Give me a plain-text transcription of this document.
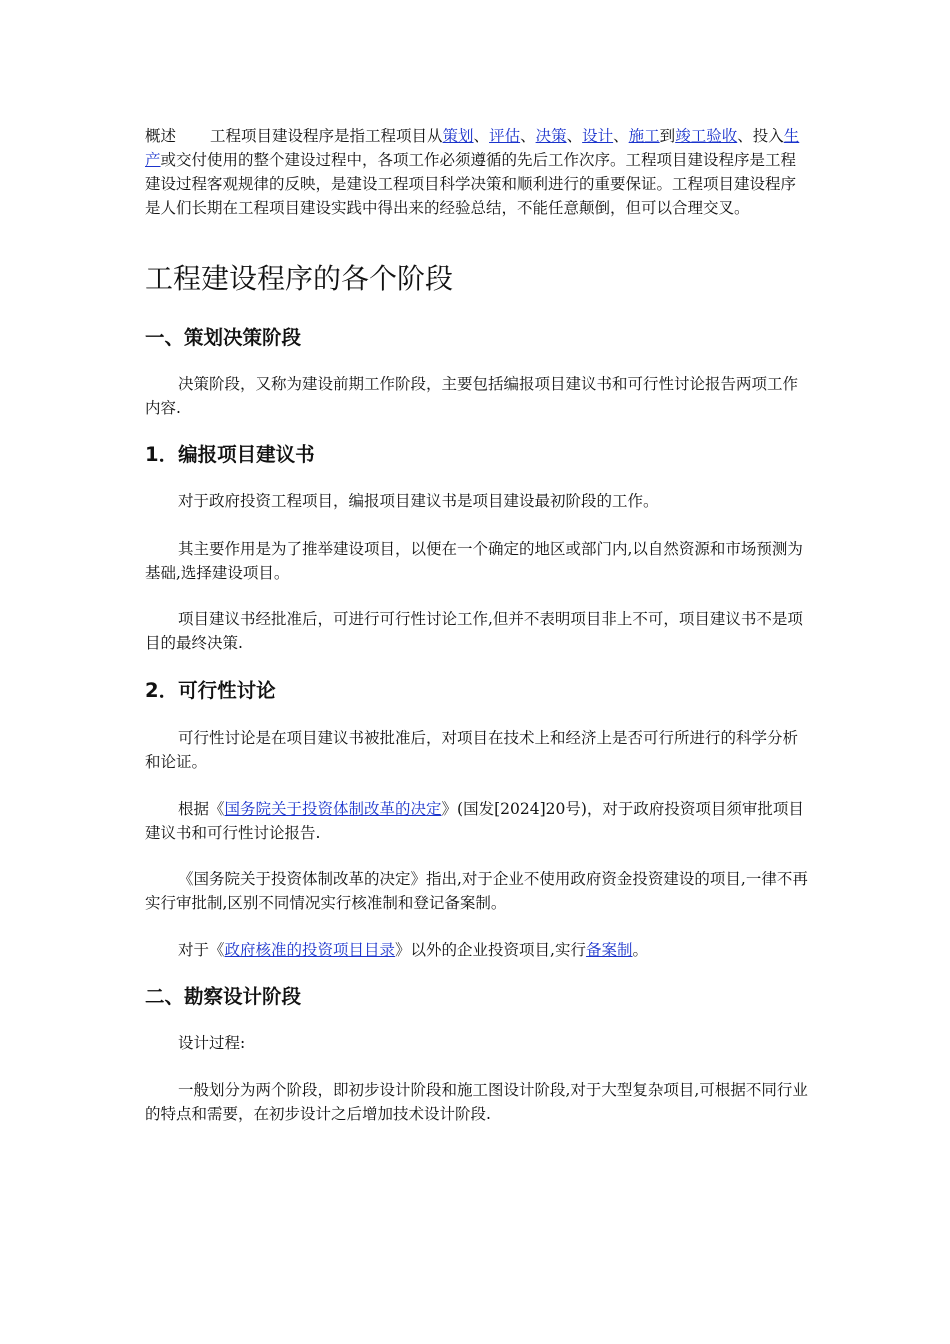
概述 工程项目建设程序是指工程项目从策划、评估、决策、设计、施工到竣工验收、投入生产或交付使用的整个建设过程中，各项工作必须遵循的先后工作次序。工程项目建设程序是工程建设过程客观规律的反映，是建设工程项目科学决策和顺利进行的重要保证。工程项目建设程序是人们长期在工程项目建设实践中得出来的经验总结，不能任意颠倒，但可以合理交叉。

工程建设程序的各个阶段
一、策划决策阶段

决策阶段，又称为建设前期工作阶段，主要包括编报项目建议书和可行性讨论报告两项工作内容.

1．编报项目建议书

对于政府投资工程项目，编报项目建议书是项目建设最初阶段的工作。

其主要作用是为了推举建设项目，以便在一个确定的地区或部门内,以自然资源和市场预测为基础,选择建设项目。

项目建议书经批准后，可进行可行性讨论工作,但并不表明项目非上不可，项目建议书不是项目的最终决策.

2．可行性讨论

可行性讨论是在项目建议书被批准后，对项目在技术上和经济上是否可行所进行的科学分析和论证。

根据《国务院关于投资体制改革的决定》(国发[2024]20号)，对于政府投资项目须审批项目建议书和可行性讨论报告.

《国务院关于投资体制改革的决定》指出,对于企业不使用政府资金投资建设的项目,一律不再实行审批制,区别不同情况实行核准制和登记备案制。

对于《政府核准的投资项目目录》以外的企业投资项目,实行备案制。

二、勘察设计阶段

设计过程:

一般划分为两个阶段，即初步设计阶段和施工图设计阶段,对于大型复杂项目,可根据不同行业的特点和需要，在初步设计之后增加技术设计阶段.
